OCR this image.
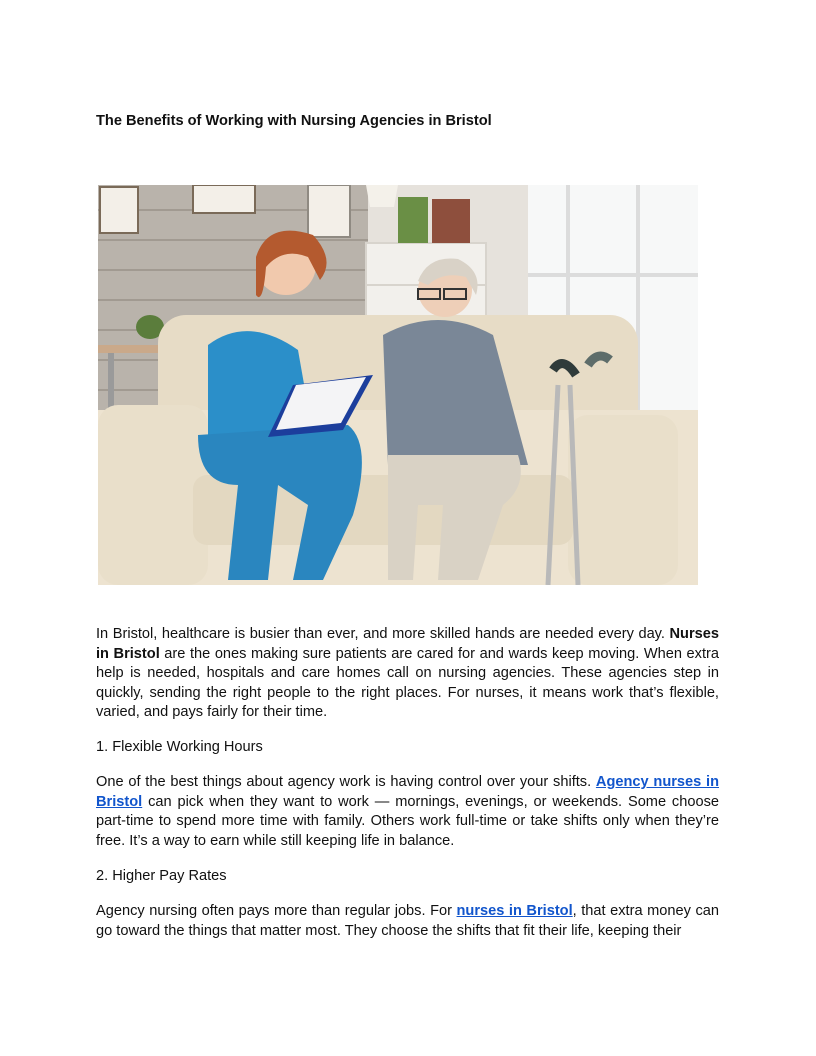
The Benefits of Working with Nursing Agencies in Bristol

In Bristol, healthcare is busier than ever, and more skilled hands are needed every day. Nurses in Bristol are the ones making sure patients are cared for and wards keep moving. When extra help is needed, hospitals and care homes call on nursing agencies. These agencies step in quickly, sending the right people to the right places. For nurses, it means work that’s flexible, varied, and pays fairly for their time.

1. Flexible Working Hours

One of the best things about agency work is having control over your shifts. Agency nurses in Bristol can pick when they want to work — mornings, evenings, or weekends. Some choose part-time to spend more time with family. Others work full-time or take shifts only when they’re free. It’s a way to earn while still keeping life in balance.

2. Higher Pay Rates

Agency nursing often pays more than regular jobs. For nurses in Bristol, that extra money can go toward the things that matter most. They choose the shifts that fit their life, keeping their
